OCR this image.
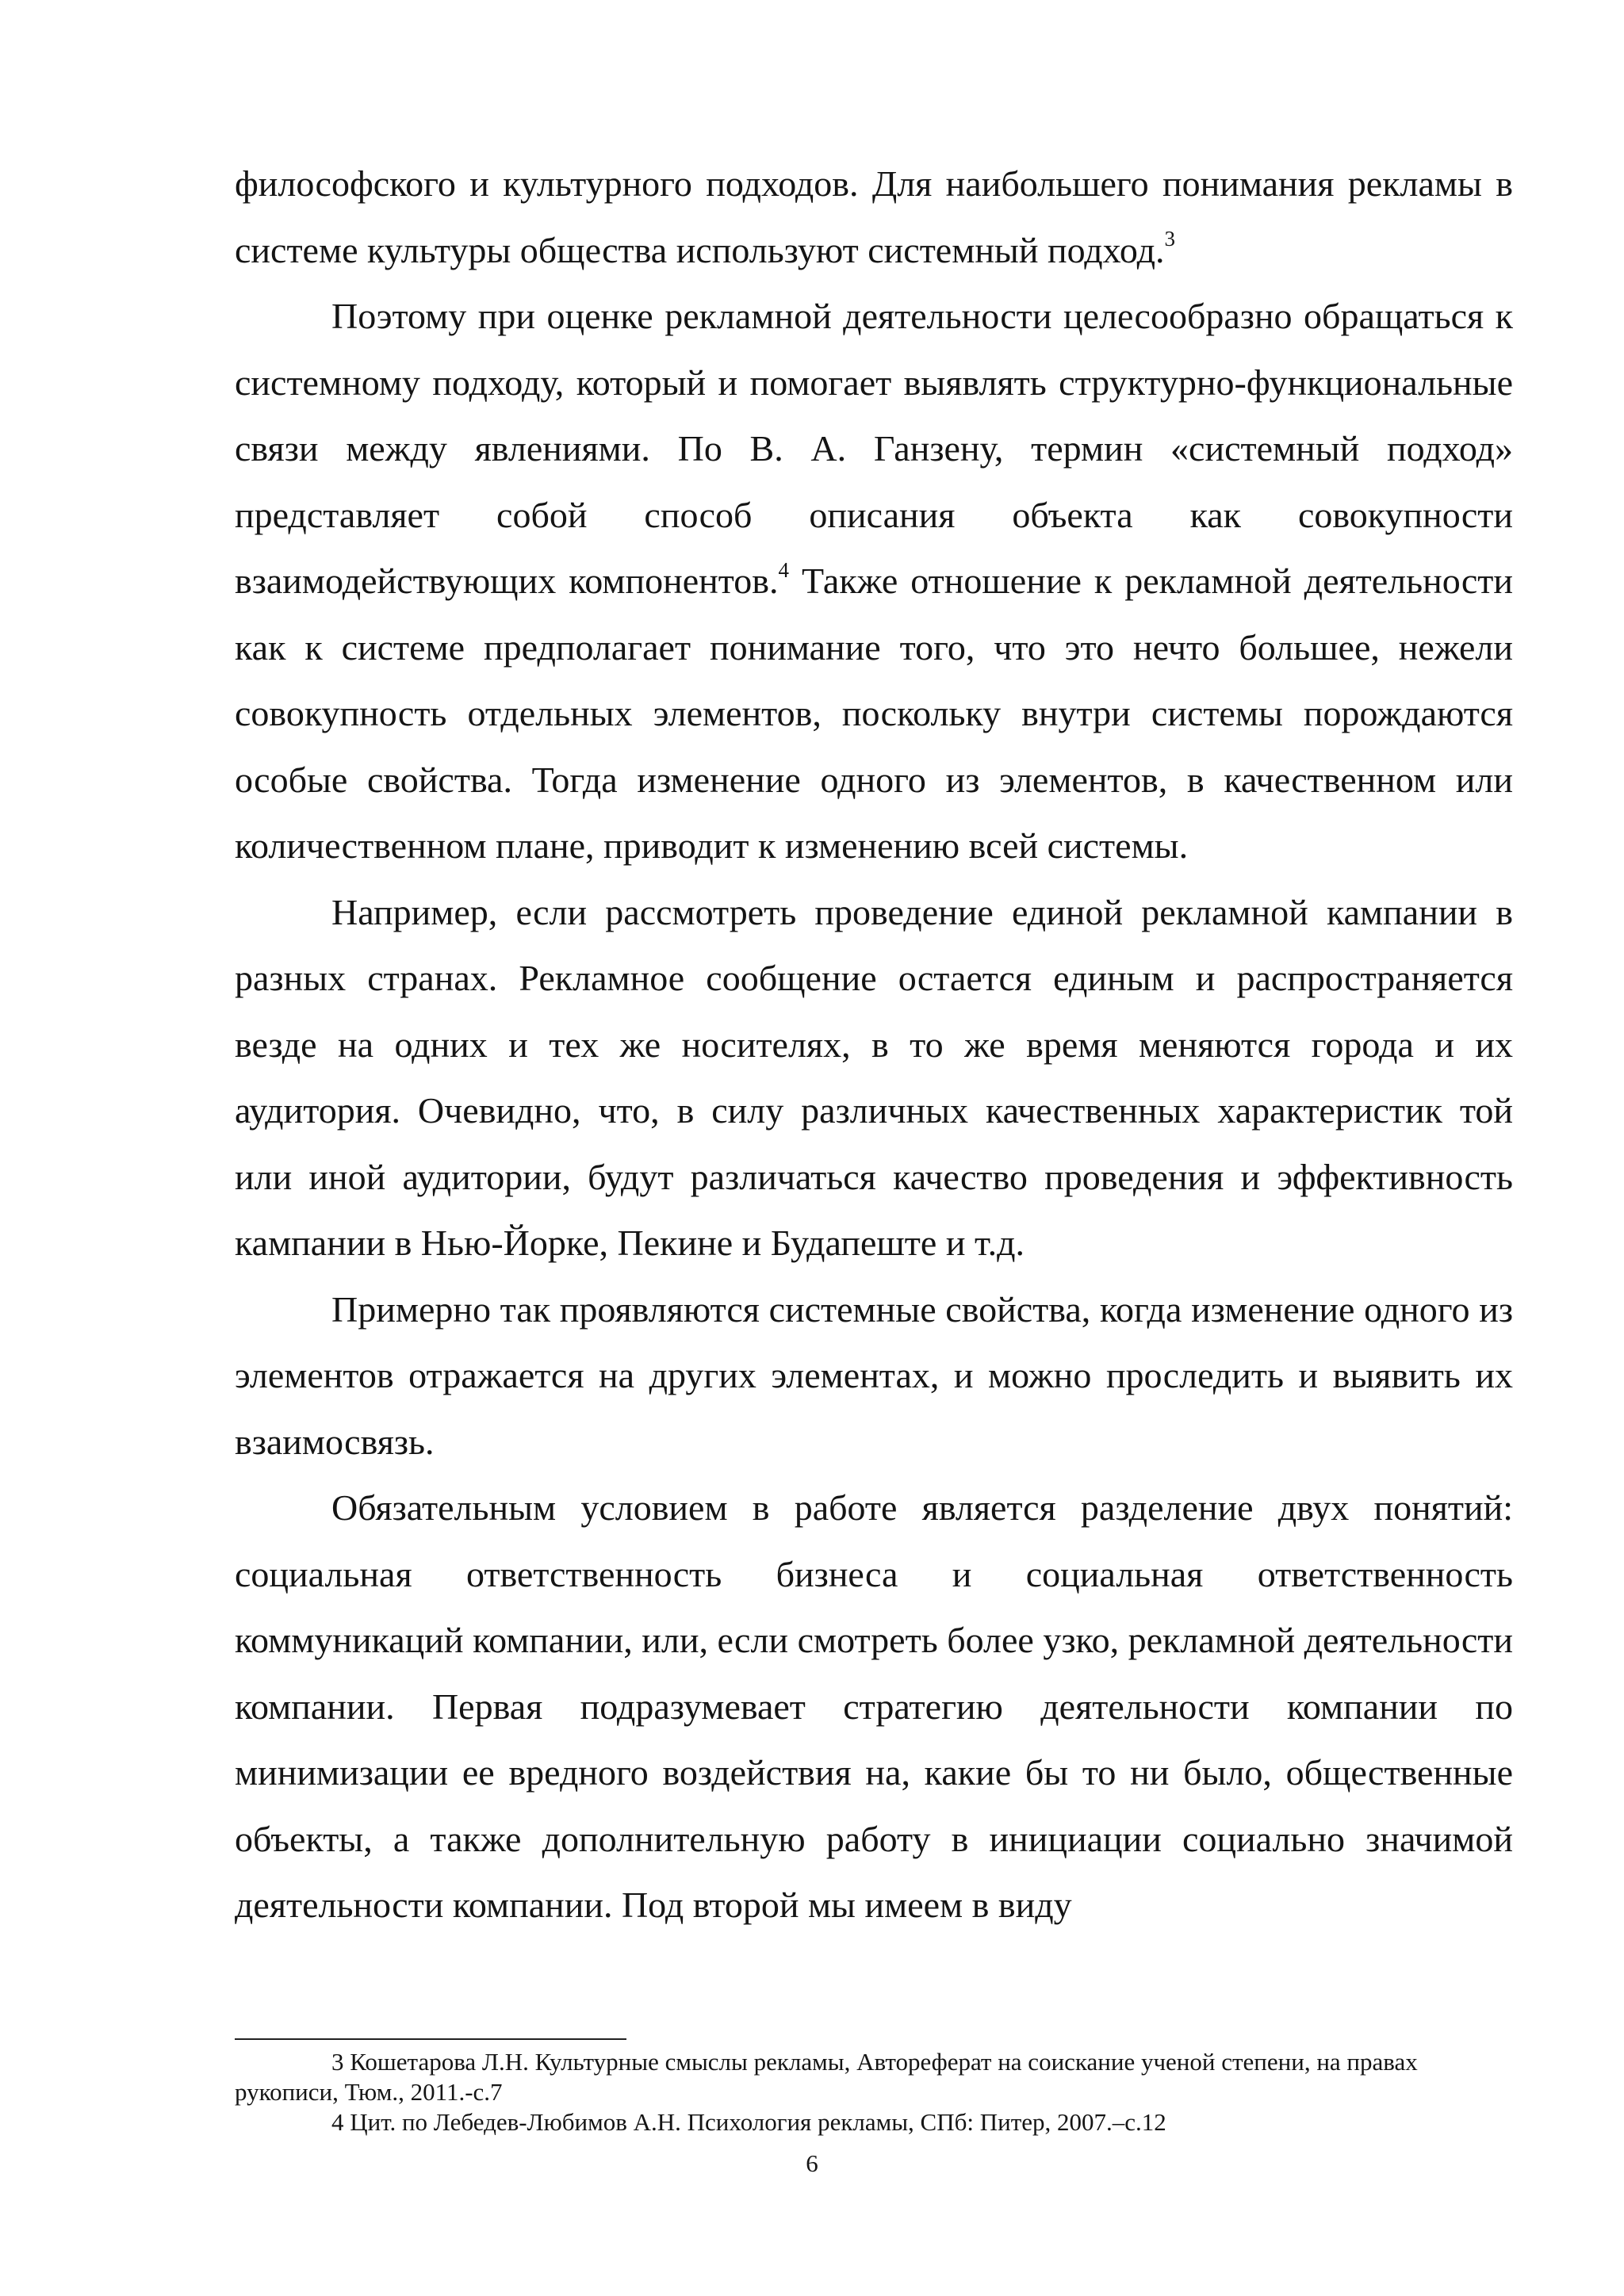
философского и культурного подходов. Для наибольшего понимания рекламы в системе культуры общества используют системный подход.$^3$

Поэтому при оценке рекламной деятельности целесообразно обращаться к системному подходу, который и помогает выявлять структурно-функциональные связи между явлениями. По В. А. Ганзену, термин «системный подход» представляет собой способ описания объекта как совокупности взаимодействующих компонентов.$^4$ Также отношение к рекламной деятельности как к системе предполагает понимание того, что это нечто большее, нежели совокупность отдельных элементов, поскольку внутри системы порождаются особые свойства. Тогда изменение одного из элементов, в качественном или количественном плане, приводит к изменению всей системы.

Например, если рассмотреть проведение единой рекламной кампании в разных странах. Рекламное сообщение остается единым и распространяется везде на одних и тех же носителях, в то же время меняются города и их аудитория. Очевидно, что, в силу различных качественных характеристик той или иной аудитории, будут различаться качество проведения и эффективность кампании в Нью-Йорке, Пекине и Будапеште и т.д.

Примерно так проявляются системные свойства, когда изменение одного из элементов отражается на других элементах, и можно проследить и выявить их взаимосвязь.

Обязательным условием в работе является разделение двух понятий: социальная ответственность бизнеса и социальная ответственность коммуникаций компании, или, если смотреть более узко, рекламной деятельности компании. Первая подразумевает стратегию деятельности компании по минимизации ее вредного воздействия на, какие бы то ни было, общественные объекты, а также дополнительную работу в инициации социально значимой деятельности компании. Под второй мы имеем в виду

3 Кошетарова Л.Н. Культурные смыслы рекламы, Автореферат на соискание ученой степени, на правах рукописи, Тюм., 2011.-с.7

4 Цит. по Лебедев-Любимов А.Н. Психология рекламы, СПб: Питер, 2007.–с.12

6
